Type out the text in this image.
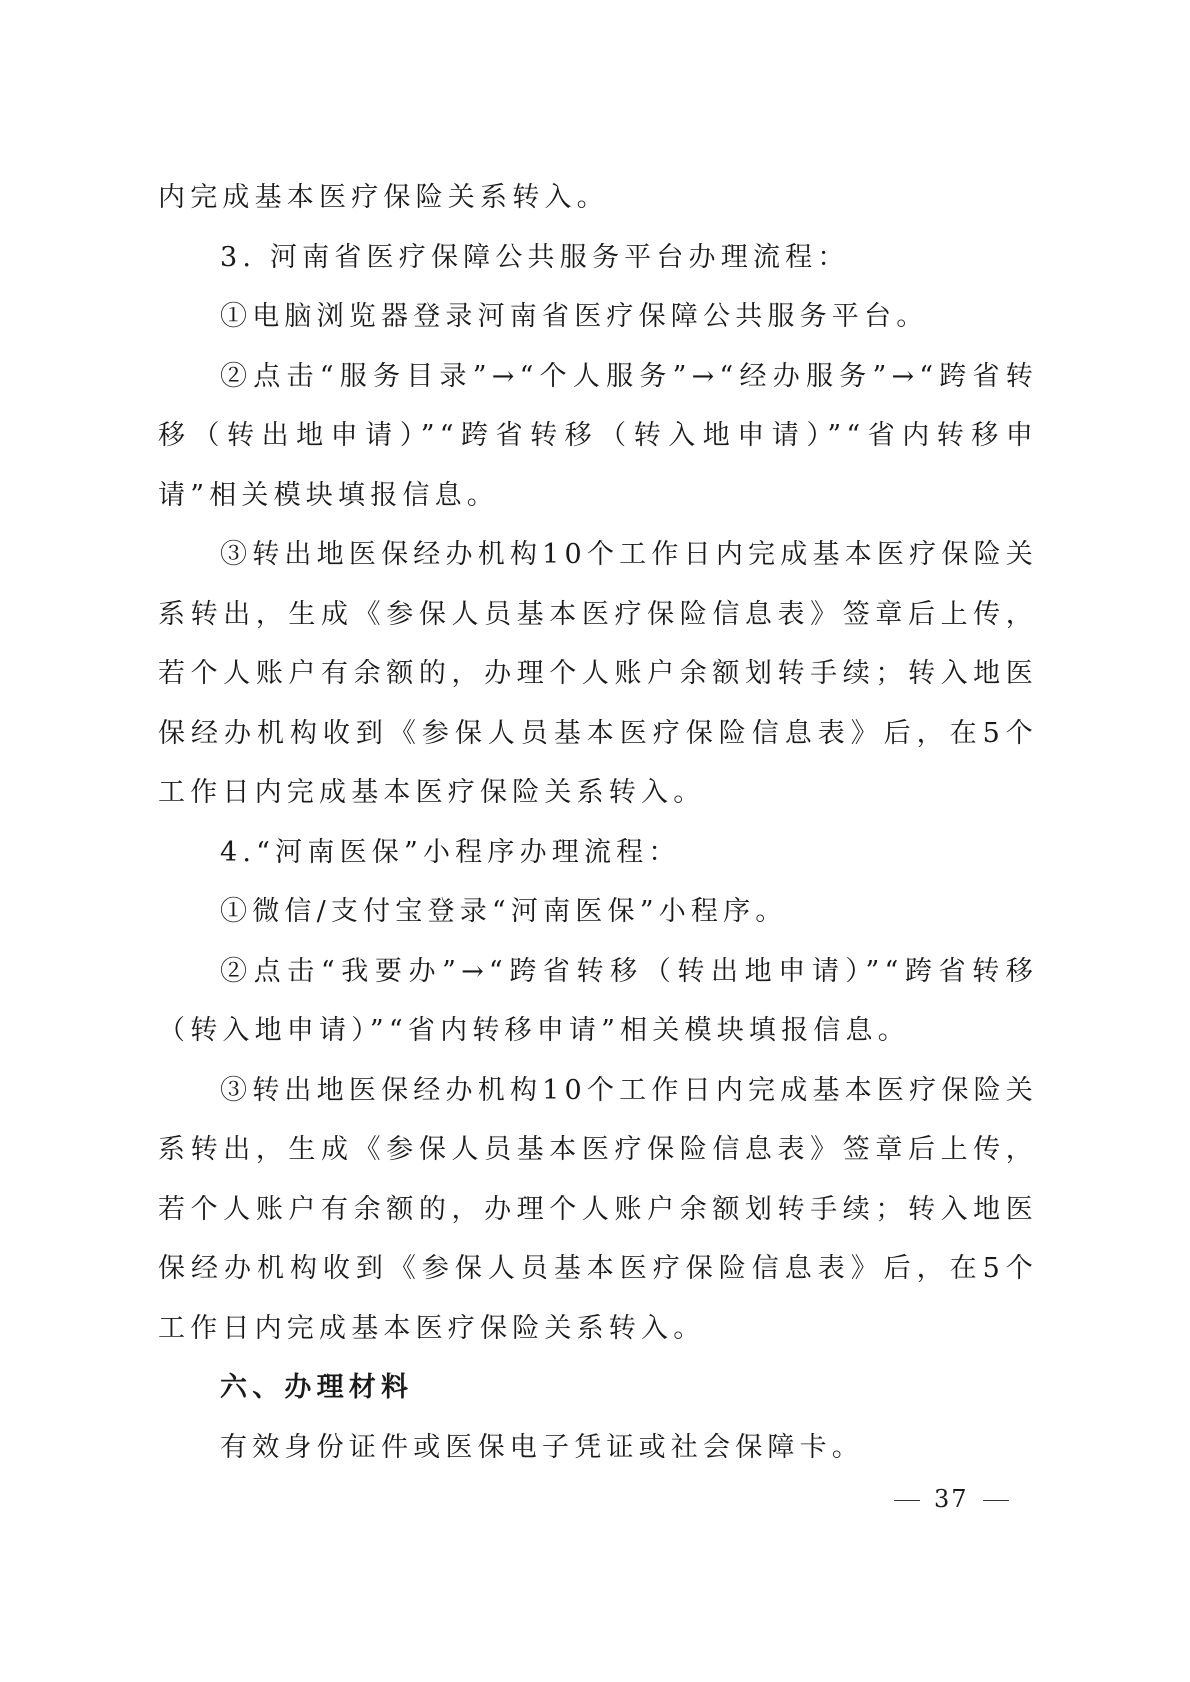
内完成基本医疗保险关系转入。

3. 河南省医疗保障公共服务平台办理流程：

①电脑浏览器登录河南省医疗保障公共服务平台。

②点击“服务目录”→“个人服务”→“经办服务”→“跨省转移（转出地申请）”“跨省转移（转入地申请）”“省内转移申请”相关模块填报信息。

③转出地医保经办机构10个工作日内完成基本医疗保险关系转出，生成《参保人员基本医疗保险信息表》签章后上传，若个人账户有余额的，办理个人账户余额划转手续；转入地医保经办机构收到《参保人员基本医疗保险信息表》后，在5个工作日内完成基本医疗保险关系转入。

4.“河南医保”小程序办理流程：

①微信/支付宝登录“河南医保”小程序。

②点击“我要办”→“跨省转移（转出地申请）”“跨省转移（转入地申请）”“省内转移申请”相关模块填报信息。

③转出地医保经办机构10个工作日内完成基本医疗保险关系转出，生成《参保人员基本医疗保险信息表》签章后上传，若个人账户有余额的，办理个人账户余额划转手续；转入地医保经办机构收到《参保人员基本医疗保险信息表》后，在5个工作日内完成基本医疗保险关系转入。

六、办理材料

有效身份证件或医保电子凭证或社会保障卡。

37
